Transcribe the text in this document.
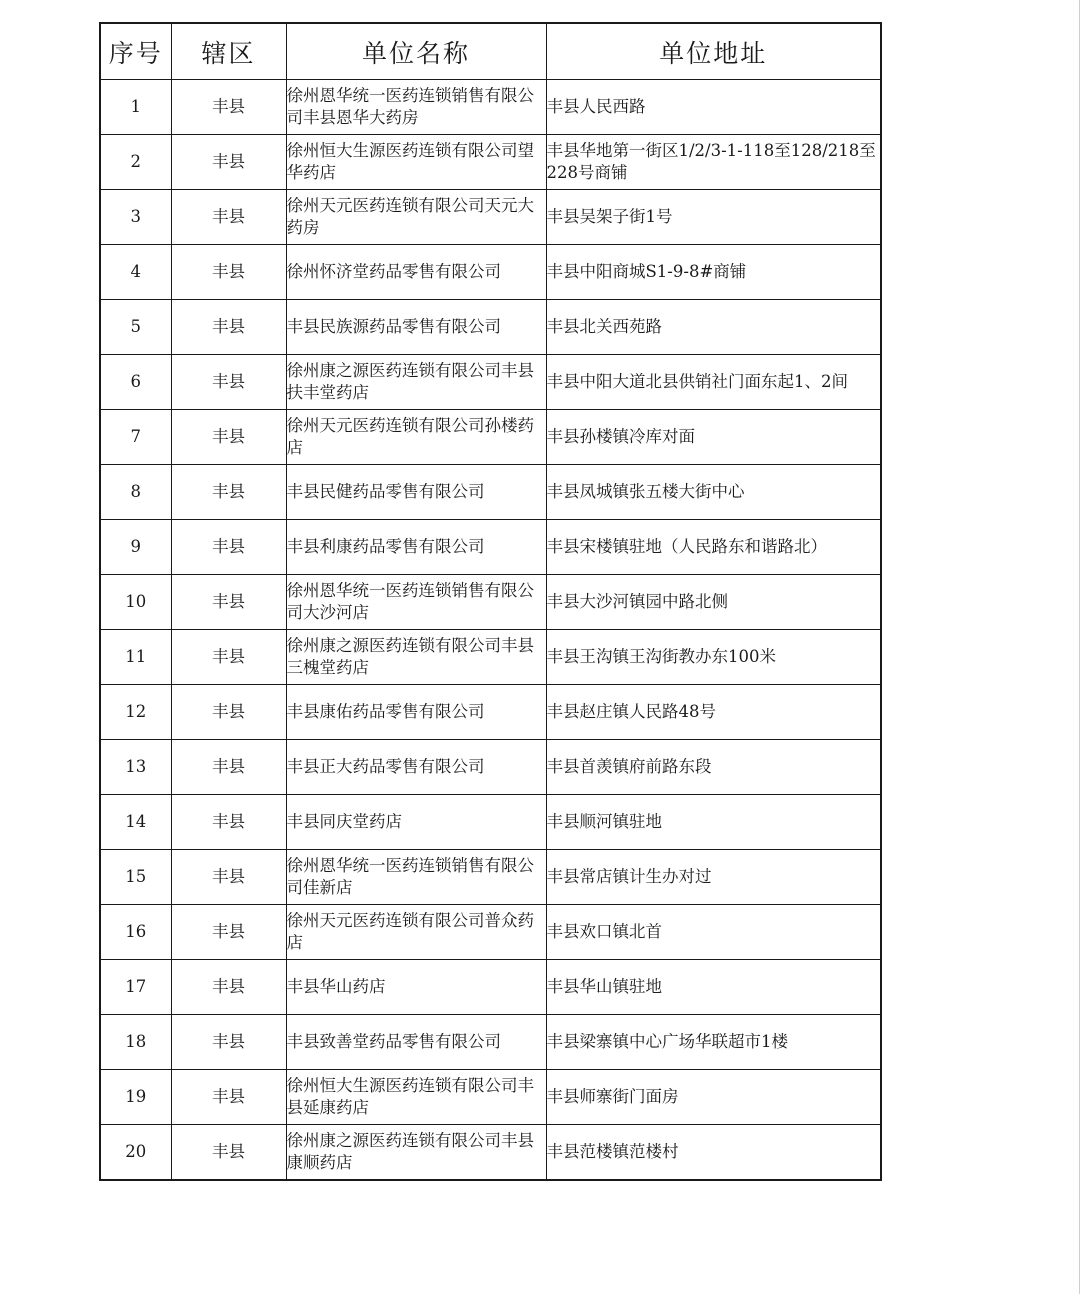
序号	辖区	单位名称	单位地址
1	丰县	徐州恩华统一医药连锁销售有限公司丰县恩华大药房	丰县人民西路
2	丰县	徐州恒大生源医药连锁有限公司望华药店	丰县华地第一街区1/2/3-1-118至128/218至228号商铺
3	丰县	徐州天元医药连锁有限公司天元大药房	丰县吴架子街1号
4	丰县	徐州怀济堂药品零售有限公司	丰县中阳商城S1-9-8#商铺
5	丰县	丰县民族源药品零售有限公司	丰县北关西苑路
6	丰县	徐州康之源医药连锁有限公司丰县扶丰堂药店	丰县中阳大道北县供销社门面东起1、2间
7	丰县	徐州天元医药连锁有限公司孙楼药店	丰县孙楼镇冷库对面
8	丰县	丰县民健药品零售有限公司	丰县凤城镇张五楼大街中心
9	丰县	丰县利康药品零售有限公司	丰县宋楼镇驻地（人民路东和谐路北）
10	丰县	徐州恩华统一医药连锁销售有限公司大沙河店	丰县大沙河镇园中路北侧
11	丰县	徐州康之源医药连锁有限公司丰县三槐堂药店	丰县王沟镇王沟街教办东100米
12	丰县	丰县康佑药品零售有限公司	丰县赵庄镇人民路48号
13	丰县	丰县正大药品零售有限公司	丰县首羡镇府前路东段
14	丰县	丰县同庆堂药店	丰县顺河镇驻地
15	丰县	徐州恩华统一医药连锁销售有限公司佳新店	丰县常店镇计生办对过
16	丰县	徐州天元医药连锁有限公司普众药店	丰县欢口镇北首
17	丰县	丰县华山药店	丰县华山镇驻地
18	丰县	丰县致善堂药品零售有限公司	丰县梁寨镇中心广场华联超市1楼
19	丰县	徐州恒大生源医药连锁有限公司丰县延康药店	丰县师寨街门面房
20	丰县	徐州康之源医药连锁有限公司丰县康顺药店	丰县范楼镇范楼村
